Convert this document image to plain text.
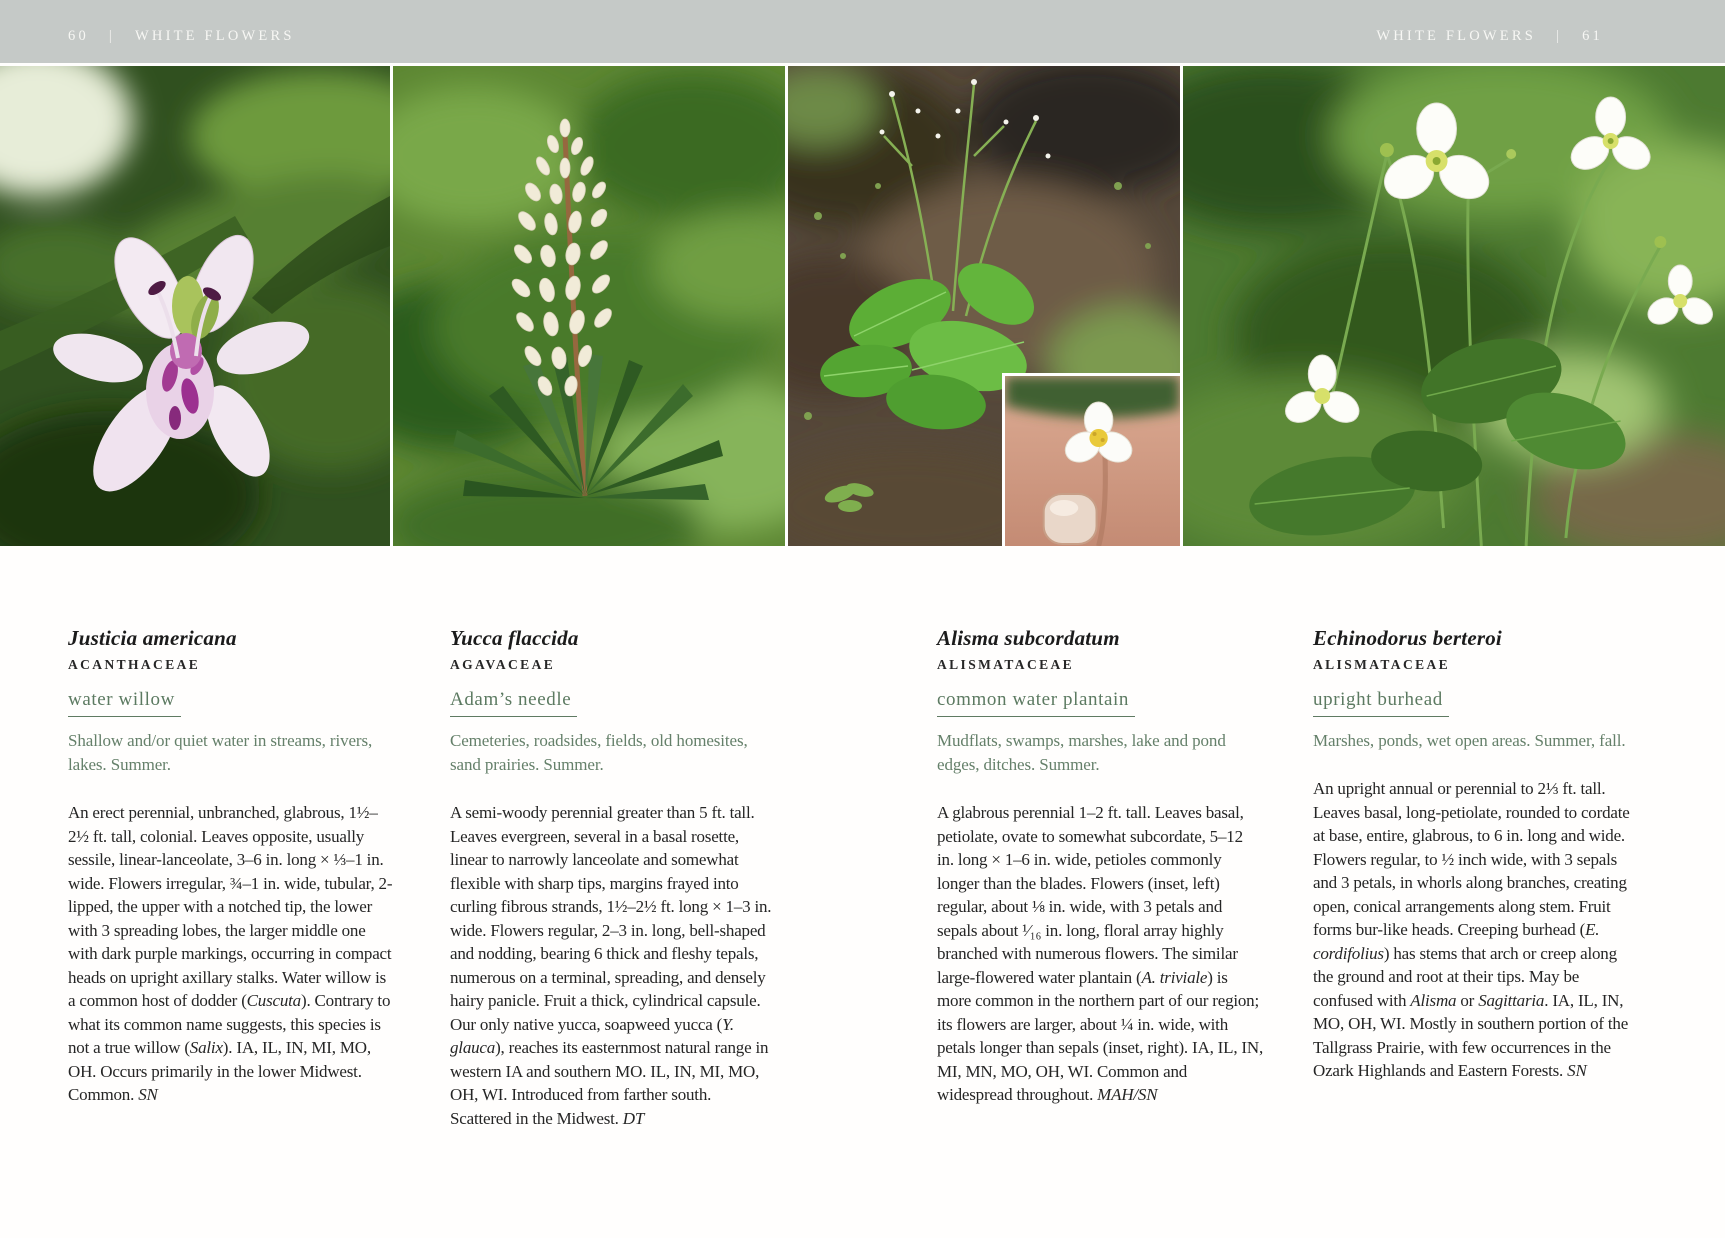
60 | WHITE FLOWERS	WHITE FLOWERS | 61
Justicia americana
ACANTHACEAE
water willow

Shallow and/or quiet water in streams, rivers, lakes. Summer.

An erect perennial, unbranched, glabrous, 1½–2½ ft. tall, colonial. Leaves opposite, usually sessile, linear-lanceolate, 3–6 in. long × ⅓–1 in. wide. Flowers irregular, ¾–1 in. wide, tubular, 2-lipped, the upper with a notched tip, the lower with 3 spreading lobes, the larger middle one with dark purple markings, occurring in compact heads on upright axillary stalks. Water willow is a common host of dodder (Cuscuta). Contrary to what its common name suggests, this species is not a true willow (Salix). IA, IL, IN, MI, MO, OH. Occurs primarily in the lower Midwest. Common. SN

Yucca flaccida
AGAVACEAE
Adam’s needle

Cemeteries, roadsides, fields, old homesites, sand prairies. Summer.

A semi-woody perennial greater than 5 ft. tall. Leaves evergreen, several in a basal rosette, linear to narrowly lanceolate and somewhat flexible with sharp tips, margins frayed into curling fibrous strands, 1½–2½ ft. long × 1–3 in. wide. Flowers regular, 2–3 in. long, bell-shaped and nodding, bearing 6 thick and fleshy tepals, numerous on a terminal, spreading, and densely hairy panicle. Fruit a thick, cylindrical capsule. Our only native yucca, soapweed yucca (Y. glauca), reaches its easternmost natural range in western IA and southern MO. IL, IN, MI, MO, OH, WI. Introduced from farther south. Scattered in the Midwest. DT

Alisma subcordatum
ALISMATACEAE
common water plantain

Mudflats, swamps, marshes, lake and pond edges, ditches. Summer.

A glabrous perennial 1–2 ft. tall. Leaves basal, petiolate, ovate to somewhat subcordate, 5–12 in. long × 1–6 in. wide, petioles commonly longer than the blades. Flowers (inset, left) regular, about ⅛ in. wide, with 3 petals and sepals about ¹⁄₁₆ in. long, floral array highly branched with numerous flowers. The similar large-flowered water plantain (A. triviale) is more common in the northern part of our region; its flowers are larger, about ¼ in. wide, with petals longer than sepals (inset, right). IA, IL, IN, MI, MN, MO, OH, WI. Common and widespread throughout. MAH/SN

Echinodorus berteroi
ALISMATACEAE
upright burhead

Marshes, ponds, wet open areas. Summer, fall.

An upright annual or perennial to 2⅓ ft. tall. Leaves basal, long-petiolate, rounded to cordate at base, entire, glabrous, to 6 in. long and wide. Flowers regular, to ½ inch wide, with 3 sepals and 3 petals, in whorls along branches, creating open, conical arrangements along stem. Fruit forms bur-like heads. Creeping burhead (E. cordifolius) has stems that arch or creep along the ground and root at their tips. May be confused with Alisma or Sagittaria. IA, IL, IN, MO, OH, WI. Mostly in southern portion of the Tallgrass Prairie, with few occurrences in the Ozark Highlands and Eastern Forests. SN
